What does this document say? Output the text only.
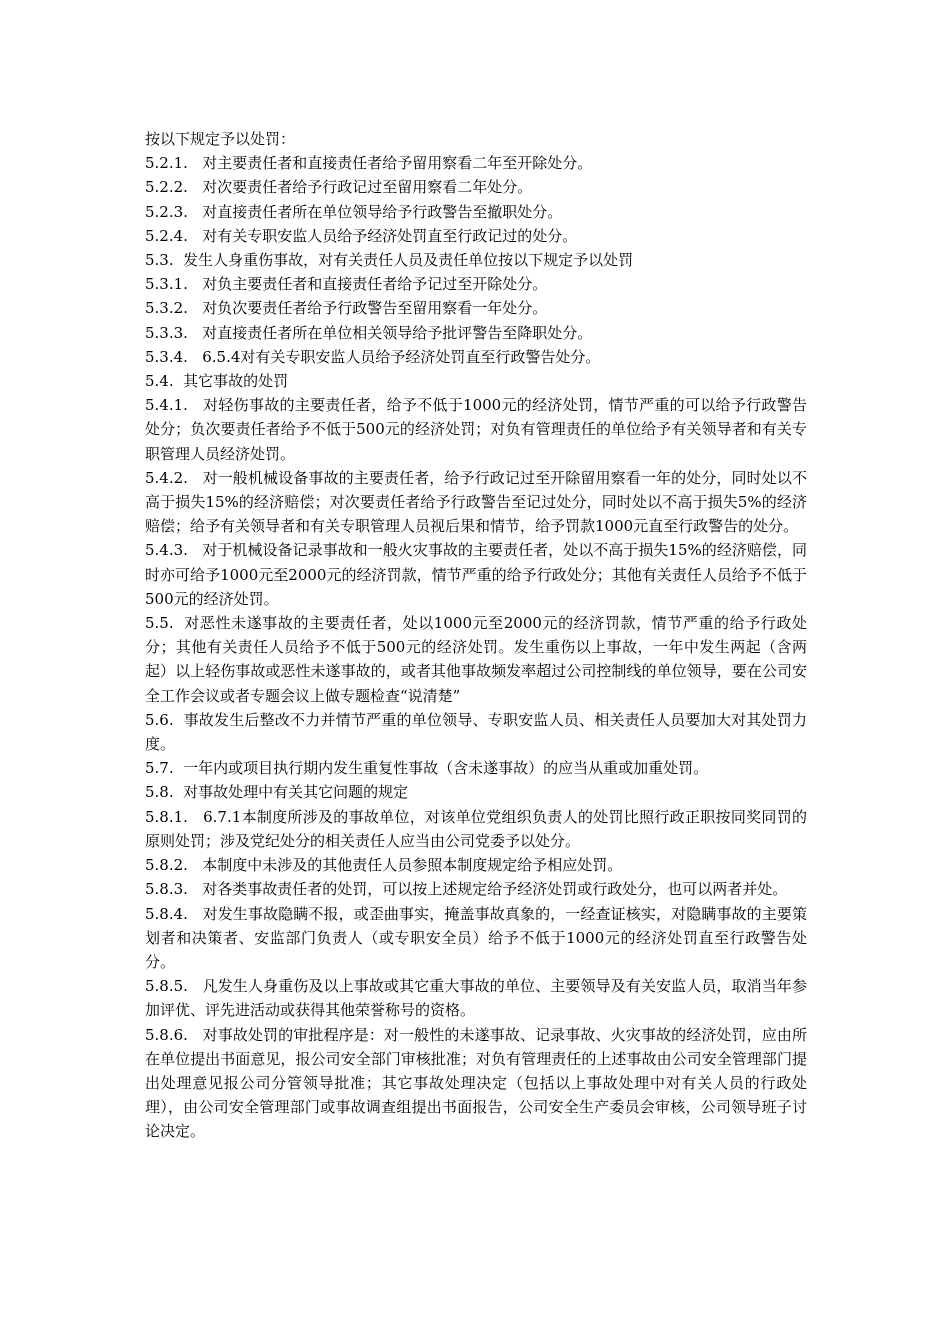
按以下规定予以处罚：

5.2.1.   对主要责任者和直接责任者给予留用察看二年至开除处分。

5.2.2.   对次要责任者给予行政记过至留用察看二年处分。

5.2.3.   对直接责任者所在单位领导给予行政警告至撤职处分。

5.2.4.   对有关专职安监人员给予经济处罚直至行政记过的处分。

5.3.  发生人身重伤事故，对有关责任人员及责任单位按以下规定予以处罚

5.3.1.   对负主要责任者和直接责任者给予记过至开除处分。

5.3.2.   对负次要责任者给予行政警告至留用察看一年处分。

5.3.3.   对直接责任者所在单位相关领导给予批评警告至降职处分。

5.3.4.   6.5.4对有关专职安监人员给予经济处罚直至行政警告处分。

5.4.  其它事故的处罚

5.4.1.   对轻伤事故的主要责任者，给予不低于1000元的经济处罚，情节严重的可以给予行政警告处分；负次要责任者给予不低于500元的经济处罚；对负有管理责任的单位给予有关领导者和有关专职管理人员经济处罚。

5.4.2.   对一般机械设备事故的主要责任者，给予行政记过至开除留用察看一年的处分，同时处以不高于损失15%的经济赔偿；对次要责任者给予行政警告至记过处分，同时处以不高于损失5%的经济赔偿；给予有关领导者和有关专职管理人员视后果和情节，给予罚款1000元直至行政警告的处分。

5.4.3.   对于机械设备记录事故和一般火灾事故的主要责任者，处以不高于损失15%的经济赔偿，同时亦可给予1000元至2000元的经济罚款，情节严重的给予行政处分；其他有关责任人员给予不低于500元的经济处罚。

5.5.  对恶性未遂事故的主要责任者，处以1000元至2000元的经济罚款，情节严重的给予行政处分；其他有关责任人员给予不低于500元的经济处罚。发生重伤以上事故，一年中发生两起（含两起）以上轻伤事故或恶性未遂事故的，或者其他事故频发率超过公司控制线的单位领导，要在公司安全工作会议或者专题会议上做专题检查“说清楚”

5.6.  事故发生后整改不力并情节严重的单位领导、专职安监人员、相关责任人员要加大对其处罚力度。

5.7.  一年内或项目执行期内发生重复性事故（含未遂事故）的应当从重或加重处罚。

5.8.  对事故处理中有关其它问题的规定

5.8.1.   6.7.1本制度所涉及的事故单位，对该单位党组织负责人的处罚比照行政正职按同奖同罚的原则处罚；涉及党纪处分的相关责任人应当由公司党委予以处分。

5.8.2.   本制度中未涉及的其他责任人员参照本制度规定给予相应处罚。

5.8.3.   对各类事故责任者的处罚，可以按上述规定给予经济处罚或行政处分，也可以两者并处。

5.8.4.   对发生事故隐瞒不报，或歪曲事实，掩盖事故真象的，一经查证核实，对隐瞒事故的主要策划者和决策者、安监部门负责人（或专职安全员）给予不低于1000元的经济处罚直至行政警告处分。

5.8.5.   凡发生人身重伤及以上事故或其它重大事故的单位、主要领导及有关安监人员，取消当年参加评优、评先进活动或获得其他荣誉称号的资格。

5.8.6.   对事故处罚的审批程序是：对一般性的未遂事故、记录事故、火灾事故的经济处罚，应由所在单位提出书面意见，报公司安全部门审核批准；对负有管理责任的上述事故由公司安全管理部门提出处理意见报公司分管领导批准；其它事故处理决定（包括以上事故处理中对有关人员的行政处理），由公司安全管理部门或事故调查组提出书面报告，公司安全生产委员会审核，公司领导班子讨论决定。
